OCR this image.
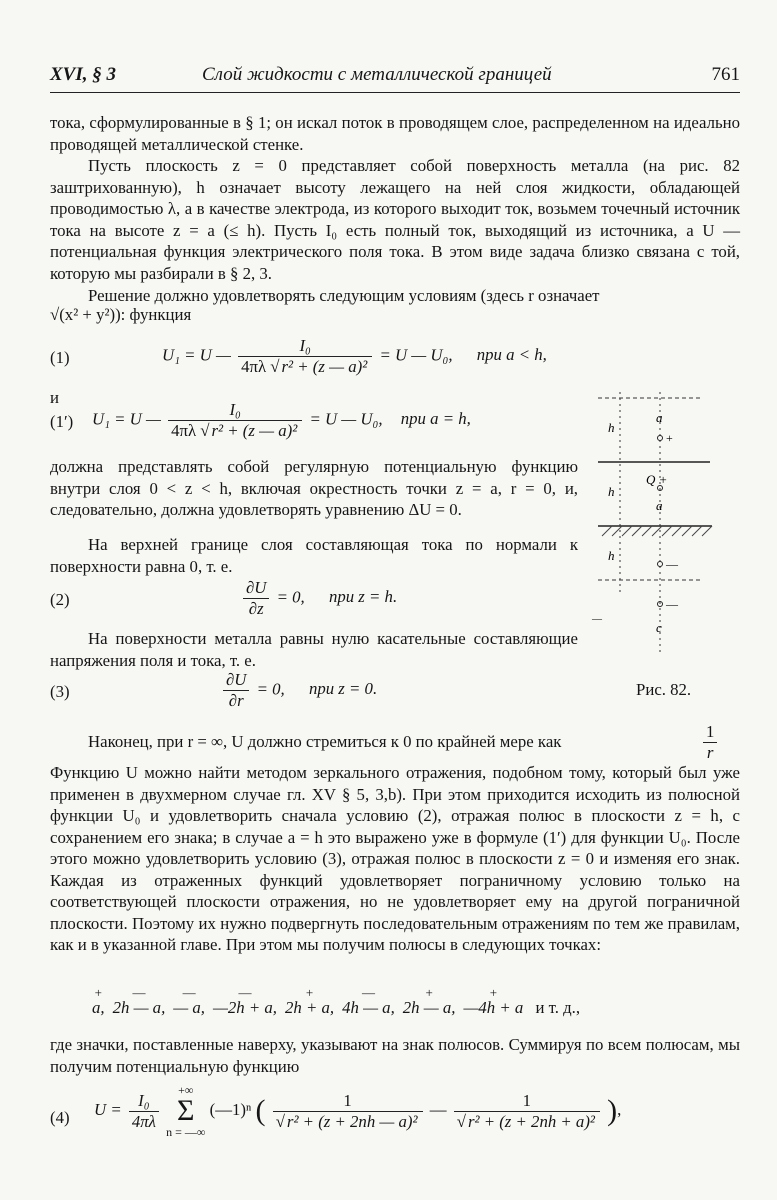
XVI, § 3	Слой жидкости с металлической границей	761

тока, сформулированные в § 1; он искал поток в проводящем слое, распределенном на идеально проводящей металлической стенке.

Пусть плоскость z = 0 представляет собой поверхность металла (на рис. 82 заштрихованную), h означает высоту лежащего на ней слоя жидкости, обладающей проводимостью λ, а в качестве электрода, из которого выходит ток, возьмем точечный источник тока на высоте z = a (≤ h). Пусть I₀ есть полный ток, выходящий из источника, а U — потенциальная функция электрического поля тока. В этом виде задача близко связана с той, которую мы разбирали в § 2, 3.

Решение должно удовлетворять следующим условиям (здесь r означает

√(x² + y²)): функция

(1)	U₁ = U — $\frac{\text{I₀}}{\text{4πλ √ r² + (z — a)²}} = U$ — U₀, при a < h,

и

(1′) U₁ = U — $\frac{\text{I₀}}{\text{4πλ √ r² + (z — a)²}} = U$ — U₀, при a = h,

должна представлять собой регулярную потенциальную функцию внутри слоя 0 < z < h, включая окрестность точки z = a, r = 0, и, следовательно, должна удовлетворять уравнению ΔU = 0.

На верхней границе слоя составляющая тока по нормали к поверхности равна 0, т. е.

(2)	$\frac{\partial U}{\partial z} = 0$, при z = h.

На поверхности металла равны нулю касательные составляющие напряжения поля и тока, т. е.

(3)	$\frac{\partial U}{\partial r} = 0$, при z = 0.
h
a
+
Q +
h
a
h
—
—
c
—

Рис. 82.

Наконец, при r = ∞, U должно стремиться к 0 по крайней мере как	$\frac{1}{r}$

Функцию U можно найти методом зеркального отражения, подобном тому, который был уже применен в двухмерном случае гл. XV § 5, 3,b). При этом приходится исходить из полюсной функции U₀ и удовлетворить сначала условию (2), отражая полюс в плоскости z = h, с сохранением его знака; в случае a = h это выражено уже в формуле (1′) для функции U₀. После этого можно удовлетворить условию (3), отражая полюс в плоскости z = 0 и изменяя его знак. Каждая из отраженных функций удовлетворяет пограничному условию только на соответствующей плоскости отражения, но не удовлетворяет ему на другой пограничной плоскости. Поэтому их нужно подвергнуть последовательным отражениям по тем же правилам, как и в указанной главе. При этом мы получим полюсы в следующих точках:

+
a,
—
2h — a,
—
— a,
—
—2h + a,
+
2h + a,
—
4h — a,
+
2h — a,
+
—4h + a и т. д.,

где значки, поставленные наверху, указывают на знак полюсов. Суммируя по всем полюсам, мы получим потенциальную функцию

(4) $U = \frac{\text{I₀}}{4\pi\lambda}$

+∞
Σ
n = —∞
(—1)ⁿ ( $\frac{1}{\text{√ r² + (z + 2nh — a)²}}$ — $\frac{1}{\text{√ r² + (z + 2nh + a)²}}$ ),
